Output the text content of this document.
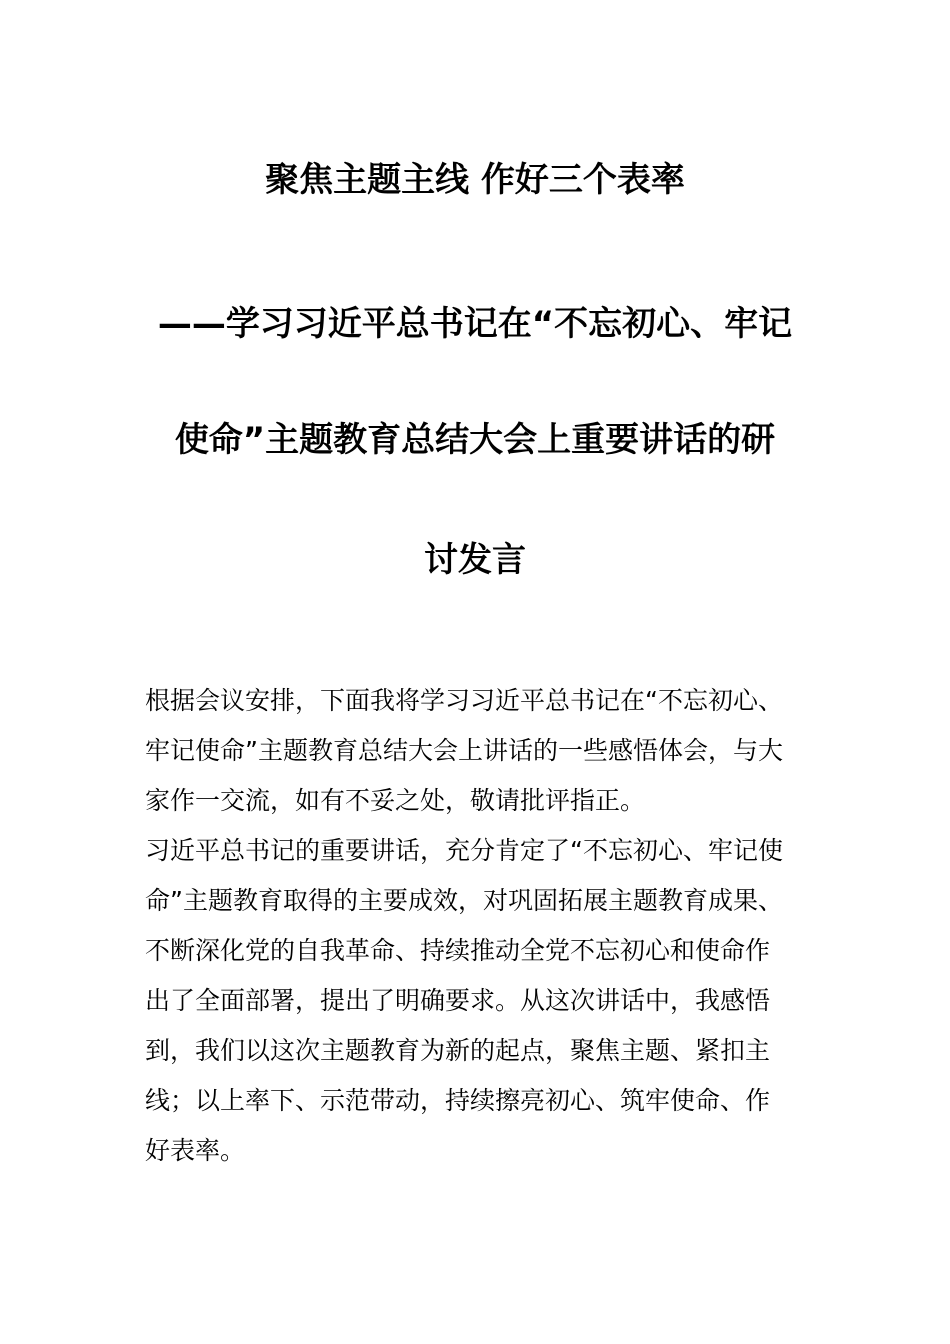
聚焦主题主线 作好三个表率
——学习习近平总书记在“不忘初心、牢记
使命”主题教育总结大会上重要讲话的研
讨发言
根据会议安排，下面我将学习习近平总书记在“不忘初心、
牢记使命”主题教育总结大会上讲话的一些感悟体会，与大
家作一交流，如有不妥之处，敬请批评指正。
习近平总书记的重要讲话，充分肯定了“不忘初心、牢记使
命”主题教育取得的主要成效，对巩固拓展主题教育成果、
不断深化党的自我革命、持续推动全党不忘初心和使命作
出了全面部署，提出了明确要求。从这次讲话中，我感悟
到，我们以这次主题教育为新的起点，聚焦主题、紧扣主
线；以上率下、示范带动，持续擦亮初心、筑牢使命、作
好表率。
